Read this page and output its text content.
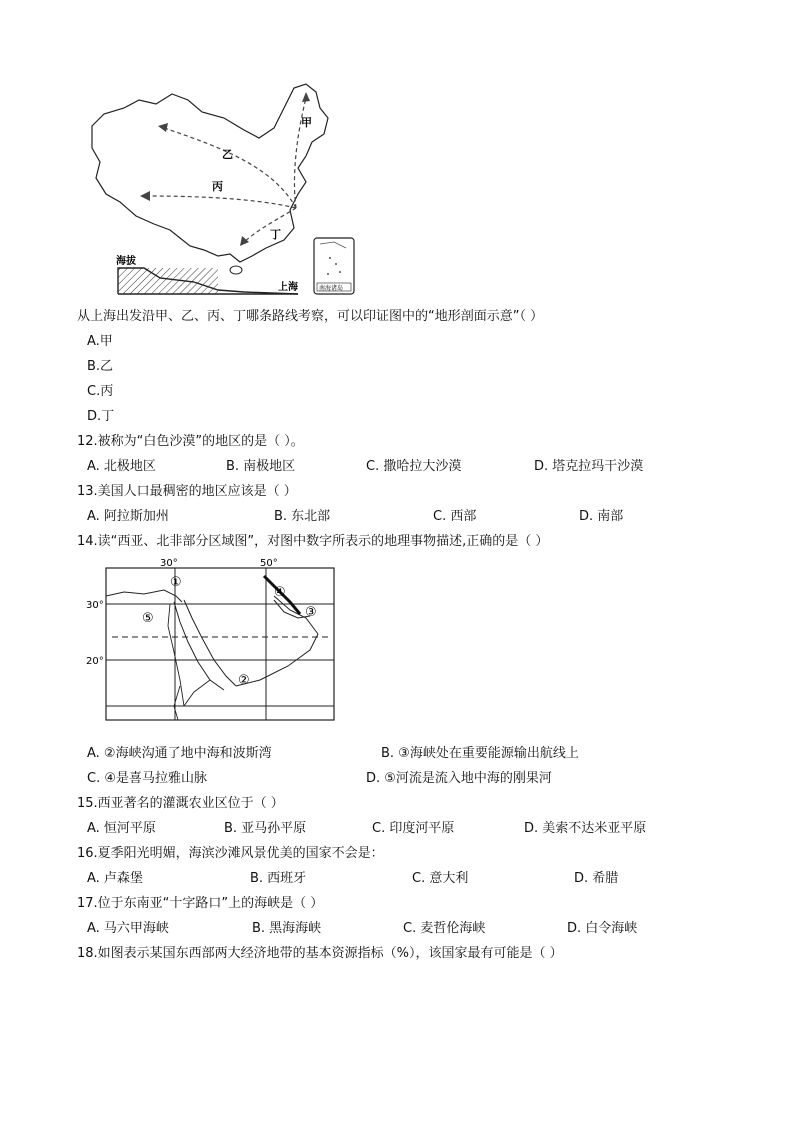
甲
乙
丙
丁
海拔
上海	南海诸岛
从上海出发沿甲、乙、丙、丁哪条路线考察，可以印证图中的“地形剖面示意”（ ）
A.甲
B.乙
C.丙
D.丁
12.被称为“白色沙漠”的地区的是（ ）。
A. 北极地区	B. 南极地区	C. 撒哈拉大沙漠	D. 塔克拉玛干沙漠
13.美国人口最稠密的地区应该是（ ）
A. 阿拉斯加州	B. 东北部	C. 西部	D. 南部
14.读“西亚、北非部分区域图”，对图中数字所表示的地理事物描述,正确的是（ ）
30°	50°
30°
20°
①
②
③
④
⑤
A. ②海峡沟通了地中海和波斯湾	B. ③海峡处在重要能源输出航线上
C. ④是喜马拉雅山脉	D. ⑤河流是流入地中海的刚果河
15.西亚著名的灌溉农业区位于（ ）
A. 恒河平原	B. 亚马孙平原	C. 印度河平原	D. 美索不达米亚平原
16.夏季阳光明媚，海滨沙滩风景优美的国家不会是：
A. 卢森堡	B. 西班牙	C. 意大利	D. 希腊
17.位于东南亚“十字路口”上的海峡是（ ）
A. 马六甲海峡	B. 黑海海峡	C. 麦哲伦海峡	D. 白令海峡
18.如图表示某国东西部两大经济地带的基本资源指标（%），该国家最有可能是（ ）
